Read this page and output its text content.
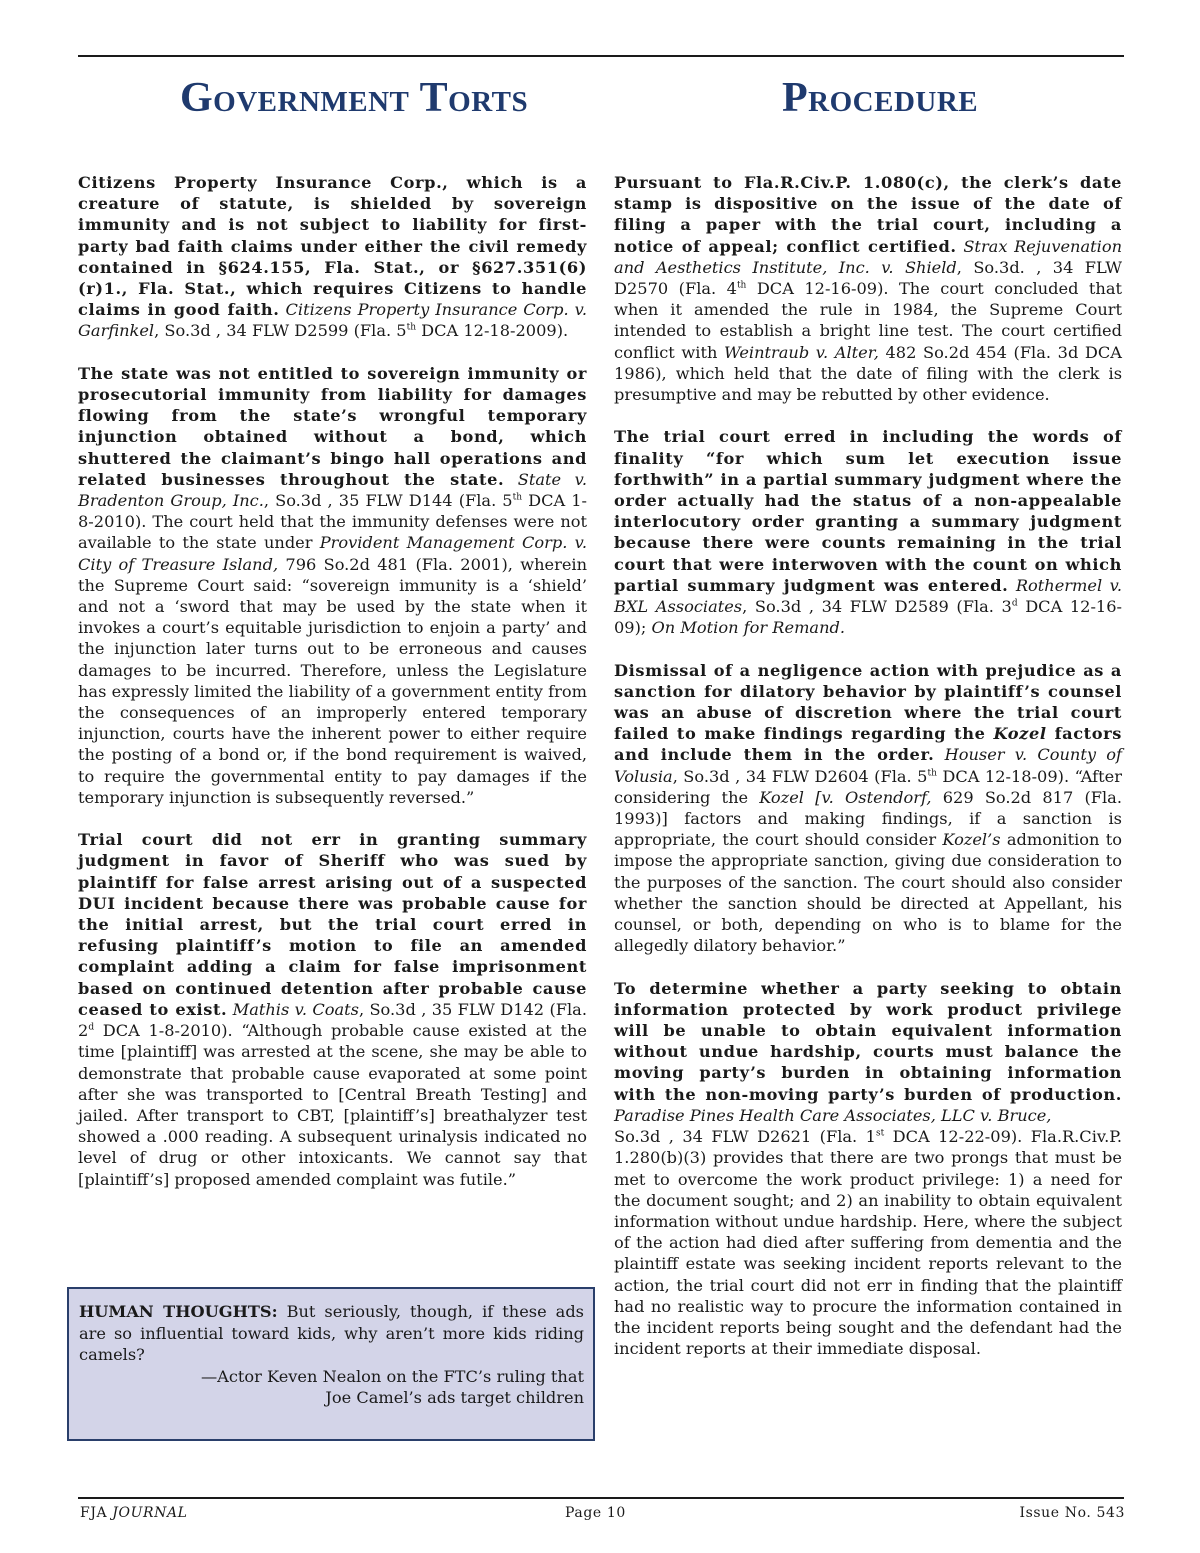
Government Torts	Procedure

Citizens Property Insurance Corp., which is a creature of statute, is shielded by sovereign immunity and is not subject to liability for first-party bad faith claims under either the civil remedy contained in §624.155, Fla. Stat., or §627.351(6)(r)1., Fla. Stat., which requires Citizens to handle claims in good faith. Citizens Property Insurance Corp. v. Garfinkel, So.3d , 34 FLW D2599 (Fla. 5th DCA 12-18-2009).

The state was not entitled to sovereign immunity or prosecutorial immunity from liability for damages flowing from the state’s wrongful temporary injunction obtained without a bond, which shuttered the claimant’s bingo hall operations and related businesses throughout the state. State v. Bradenton Group, Inc., So.3d , 35 FLW D144 (Fla. 5th DCA 1-8-2010). The court held that the immunity defenses were not available to the state under Provident Management Corp. v. City of Treasure Island, 796 So.2d 481 (Fla. 2001), wherein the Supreme Court said: “sovereign immunity is a ‘shield’ and not a ‘sword that may be used by the state when it invokes a court’s equitable jurisdiction to enjoin a party’ and the injunction later turns out to be erroneous and causes damages to be incurred. Therefore, unless the Legislature has expressly limited the liability of a government entity from the consequences of an improperly entered temporary injunction, courts have the inherent power to either require the posting of a bond or, if the bond requirement is waived, to require the governmental entity to pay damages if the temporary injunction is subsequently reversed.”

Trial court did not err in granting summary judgment in favor of Sheriff who was sued by plaintiff for false arrest arising out of a suspected DUI incident because there was probable cause for the initial arrest, but the trial court erred in refusing plaintiff’s motion to file an amended complaint adding a claim for false imprisonment based on continued detention after probable cause ceased to exist. Mathis v. Coats, So.3d , 35 FLW D142 (Fla. 2$^d$ DCA 1-8-2010). “Although probable cause existed at the time [plaintiff] was arrested at the scene, she may be able to demonstrate that probable cause evaporated at some point after she was transported to [Central Breath Testing] and jailed. After transport to CBT, [plaintiff’s] breathalyzer test showed a .000 reading. A subsequent urinalysis indicated no level of drug or other intoxicants. We cannot say that [plaintiff’s] proposed amended complaint was futile.”

HUMAN THOUGHTS: But seriously, though, if these ads are so influential toward kids, why aren’t more kids riding camels?
—Actor Keven Nealon on the FTC’s ruling that
Joe Camel’s ads target children

Pursuant to Fla.R.Civ.P. 1.080(c), the clerk’s date stamp is dispositive on the issue of the date of filing a paper with the trial court, including a notice of appeal; conflict certified. Strax Rejuvenation and Aesthetics Institute, Inc. v. Shield, So.3d. , 34 FLW D2570 (Fla. 4th DCA 12-16-09). The court concluded that when it amended the rule in 1984, the Supreme Court intended to establish a bright line test. The court certified conflict with Weintraub v. Alter, 482 So.2d 454 (Fla. 3d DCA 1986), which held that the date of filing with the clerk is presumptive and may be rebutted by other evidence.

The trial court erred in including the words of finality “for which sum let execution issue forthwith” in a partial summary judgment where the order actually had the status of a non-appealable interlocutory order granting a summary judgment because there were counts remaining in the trial court that were interwoven with the count on which partial summary judgment was entered. Rothermel v. BXL Associates, So.3d , 34 FLW D2589 (Fla. 3$^d$ DCA 12-16-09); On Motion for Remand.

Dismissal of a negligence action with prejudice as a sanction for dilatory behavior by plaintiff’s counsel was an abuse of discretion where the trial court failed to make findings regarding the Kozel factors and include them in the order. Houser v. County of Volusia, So.3d , 34 FLW D2604 (Fla. 5th DCA 12-18-09). “After considering the Kozel [v. Ostendorf, 629 So.2d 817 (Fla. 1993)] factors and making findings, if a sanction is appropriate, the court should consider Kozel’s admonition to impose the appropriate sanction, giving due consideration to the purposes of the sanction. The court should also consider whether the sanction should be directed at Appellant, his counsel, or both, depending on who is to blame for the allegedly dilatory behavior.”

To determine whether a party seeking to obtain information protected by work product privilege will be unable to obtain equivalent information without undue hardship, courts must balance the moving party’s burden in obtaining information with the non-moving party’s burden of production. Paradise Pines Health Care Associates, LLC v. Bruce,
So.3d , 34 FLW D2621 (Fla. 1st DCA 12-22-09). Fla.R.Civ.P. 1.280(b)(3) provides that there are two prongs that must be met to overcome the work product privilege: 1) a need for the document sought; and 2) an inability to obtain equivalent information without undue hardship. Here, where the subject of the action had died after suffering from dementia and the plaintiff estate was seeking incident reports relevant to the action, the trial court did not err in finding that the plaintiff had no realistic way to procure the information contained in the incident reports being sought and the defendant had the incident reports at their immediate disposal.

FJA JOURNAL	Page 10	Issue No. 543
